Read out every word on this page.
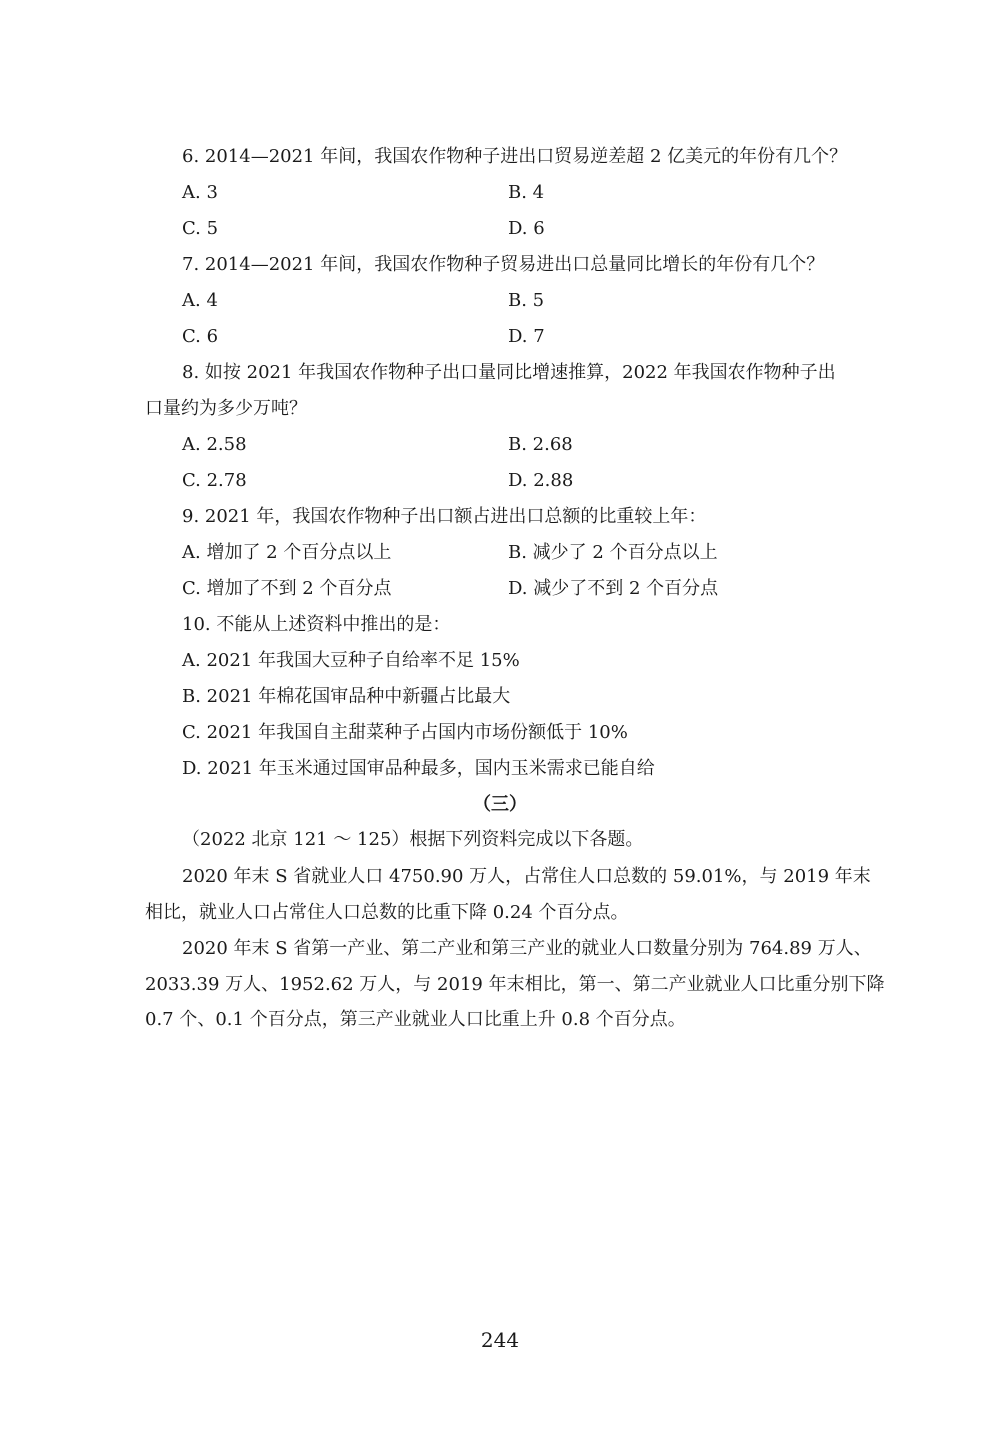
6. 2014—2021 年间，我国农作物种子进出口贸易逆差超 2 亿美元的年份有几个？
A. 3	B. 4
C. 5	D. 6
7. 2014—2021 年间，我国农作物种子贸易进出口总量同比增长的年份有几个？
A. 4	B. 5
C. 6	D. 7
8. 如按 2021 年我国农作物种子出口量同比增速推算，2022 年我国农作物种子出
口量约为多少万吨？
A. 2.58	B. 2.68
C. 2.78	D. 2.88
9. 2021 年，我国农作物种子出口额占进出口总额的比重较上年：
A. 增加了 2 个百分点以上	B. 减少了 2 个百分点以上
C. 增加了不到 2 个百分点	D. 减少了不到 2 个百分点
10. 不能从上述资料中推出的是：
A. 2021 年我国大豆种子自给率不足 15%
B. 2021 年棉花国审品种中新疆占比最大
C. 2021 年我国自主甜菜种子占国内市场份额低于 10%
D. 2021 年玉米通过国审品种最多，国内玉米需求已能自给
（三）
（2022 北京 121 ～ 125）根据下列资料完成以下各题。
2020 年末 S 省就业人口 4750.90 万人，占常住人口总数的 59.01%，与 2019 年末相比，就业人口占常住人口总数的比重下降 0.24 个百分点。
2020 年末 S 省第一产业、第二产业和第三产业的就业人口数量分别为 764.89 万人、2033.39 万人、1952.62 万人，与 2019 年末相比，第一、第二产业就业人口比重分别下降 0.7 个、0.1 个百分点，第三产业就业人口比重上升 0.8 个百分点。
244
